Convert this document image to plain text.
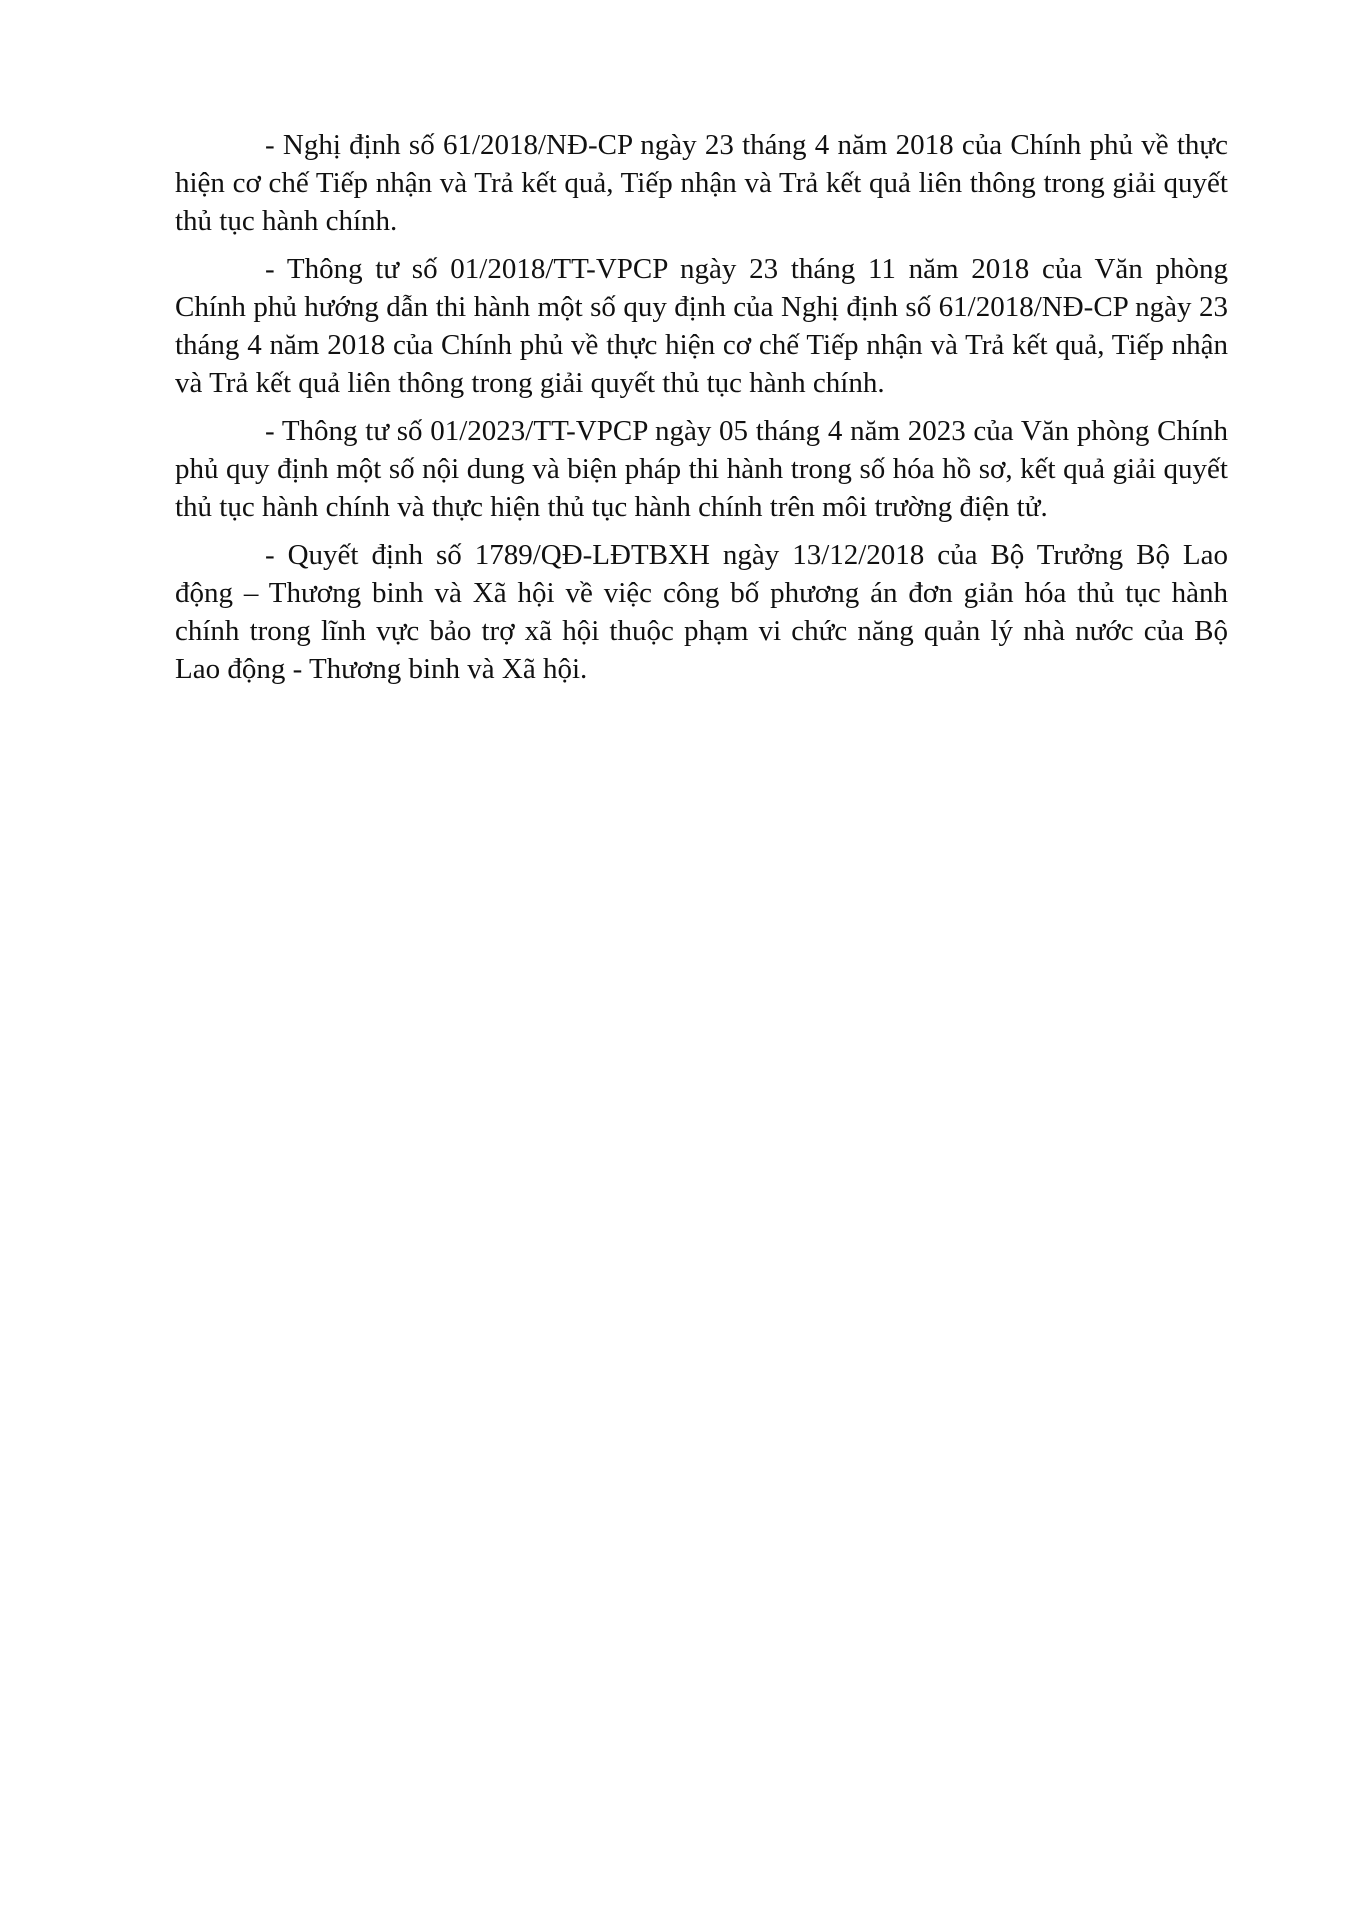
- Nghị định số 61/2018/NĐ-CP ngày 23 tháng 4 năm 2018 của Chính phủ về thực hiện cơ chế Tiếp nhận và Trả kết quả, Tiếp nhận và Trả kết quả liên thông trong giải quyết thủ tục hành chính.

- Thông tư số 01/2018/TT-VPCP ngày 23 tháng 11 năm 2018 của Văn phòng Chính phủ hướng dẫn thi hành một số quy định của Nghị định số 61/2018/NĐ-CP ngày 23 tháng 4 năm 2018 của Chính phủ về thực hiện cơ chế Tiếp nhận và Trả kết quả, Tiếp nhận và Trả kết quả liên thông trong giải quyết thủ tục hành chính.

- Thông tư số 01/2023/TT-VPCP ngày 05 tháng 4 năm 2023 của Văn phòng Chính phủ quy định một số nội dung và biện pháp thi hành trong số hóa hồ sơ, kết quả giải quyết thủ tục hành chính và thực hiện thủ tục hành chính trên môi trường điện tử.

- Quyết định số 1789/QĐ-LĐTBXH ngày 13/12/2018 của Bộ Trưởng Bộ Lao động – Thương binh và Xã hội về việc công bố phương án đơn giản hóa thủ tục hành chính trong lĩnh vực bảo trợ xã hội thuộc phạm vi chức năng quản lý nhà nước của Bộ Lao động - Thương binh và Xã hội.
